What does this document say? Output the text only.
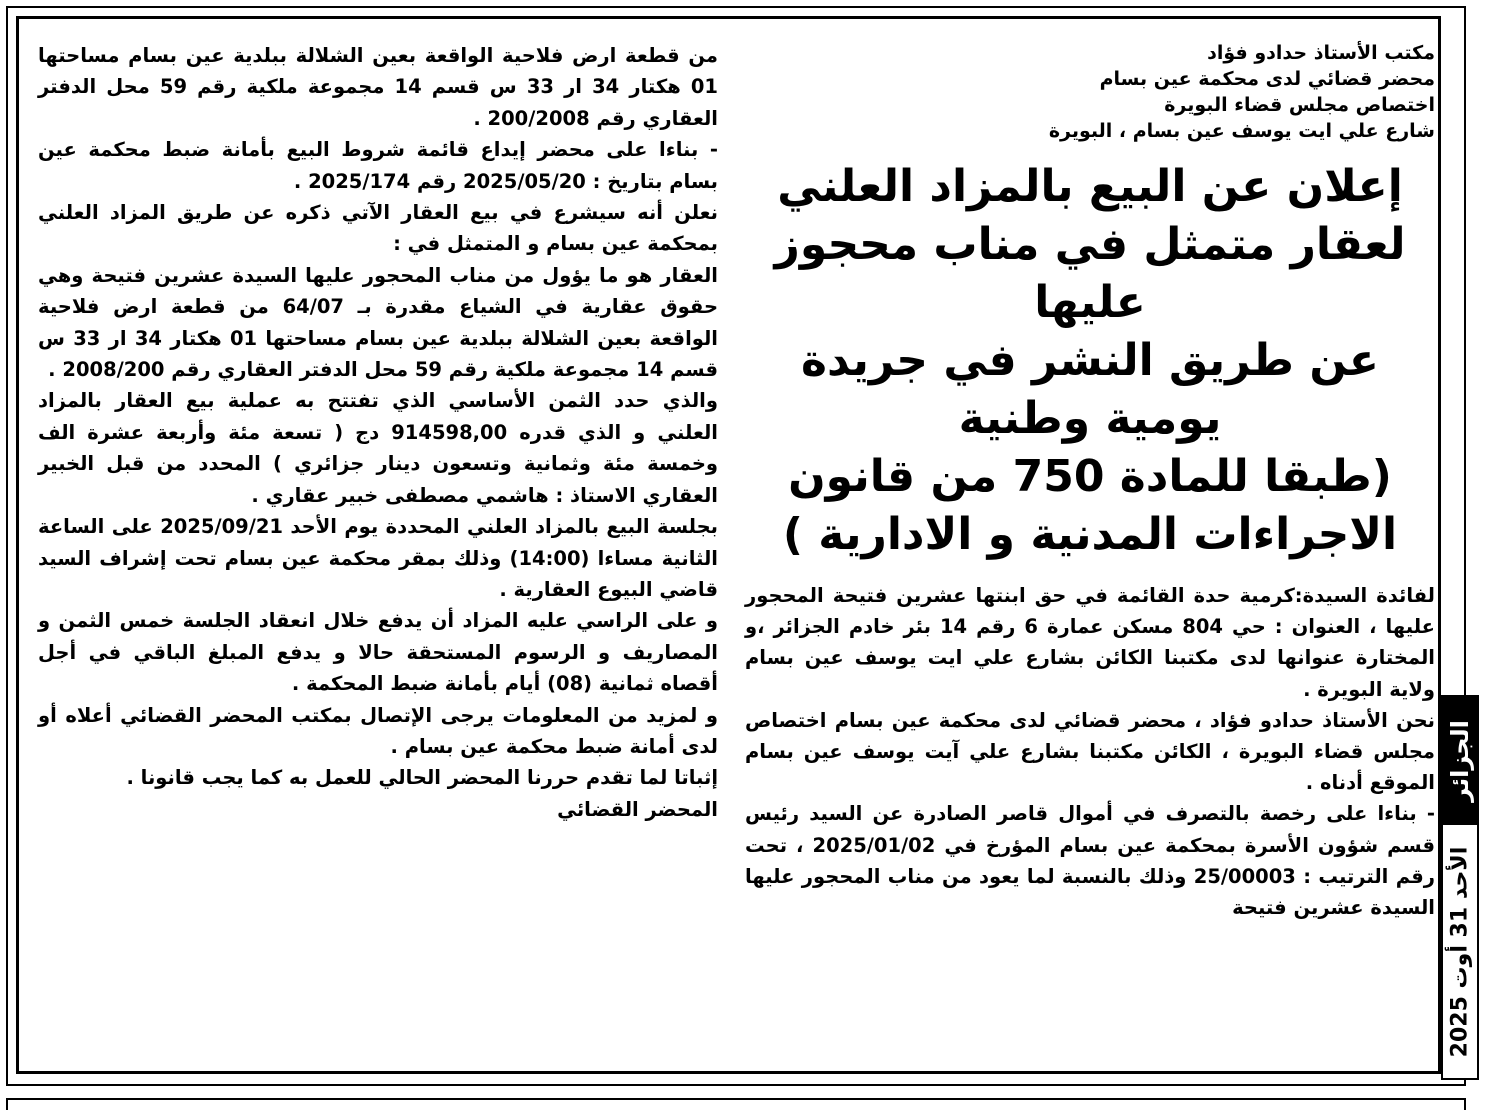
مكتب الأستاذ حدادو فؤاد

محضر قضائي لدى محكمة عين بسام

اختصاص مجلس قضاء البويرة

شارع علي ايت يوسف عين بسام ، البويرة

إعلان عن البيع بالمزاد العلني
لعقار متمثل في مناب محجوز
عليها
عن طريق النشر في جريدة
يومية وطنية
(طبقا للمادة 750 من قانون
الاجراءات المدنية و الادارية )

لفائدة السيدة:كرمية حدة القائمة في حق ابنتها عشرين فتيحة المحجور عليها ، العنوان : حي 804 مسكن عمارة 6 رقم 14 بئر خادم الجزائر ،و المختارة عنوانها لدى مكتبنا الكائن بشارع علي ايت يوسف عين بسام ولاية البويرة .

نحن الأستاذ حدادو فؤاد ، محضر قضائي لدى محكمة عين بسام اختصاص مجلس قضاء البويرة ، الكائن مكتبنا بشارع علي آيت يوسف عين بسام الموقع أدناه .

- بناءا على رخصة بالتصرف في أموال قاصر الصادرة عن السيد رئيس قسم شؤون الأسرة بمحكمة عين بسام المؤرخ في 2025/01/02 ، تحت رقم الترتيب : 25/00003 وذلك بالنسبة لما يعود من مناب المحجور عليها السيدة عشرين فتيحة

من قطعة ارض فلاحية الواقعة بعين الشلالة ببلدية عين بسام مساحتها 01 هكتار 34 ار 33 س قسم 14 مجموعة ملكية رقم 59 محل الدفتر العقاري رقم 200/2008 .

- بناءا على محضر إيداع قائمة شروط البيع بأمانة ضبط محكمة عين بسام بتاريخ : 2025/05/20 رقم 2025/174 .

نعلن أنه سيشرع في بيع العقار الآتي ذكره عن طريق المزاد العلني بمحكمة عين بسام و المتمثل في :

العقار هو ما يؤول من مناب المحجور عليها السيدة عشرين فتيحة وهي حقوق عقارية في الشياع مقدرة بـ 64/07 من قطعة ارض فلاحية الواقعة بعين الشلالة ببلدية عين بسام مساحتها 01 هكتار 34 ار 33 س قسم 14 مجموعة ملكية رقم 59 محل الدفتر العقاري رقم 2008/200 .

والذي حدد الثمن الأساسي الذي تفتتح به عملية بيع العقار بالمزاد العلني و الذي قدره 914598,00 دج ( تسعة مئة وأربعة عشرة الف وخمسة مئة وثمانية وتسعون دينار جزائري ) المحدد من قبل الخبير العقاري الاستاذ : هاشمي مصطفى خبير عقاري .

بجلسة البيع بالمزاد العلني المحددة يوم الأحد 2025/09/21 على الساعة الثانية مساءا (14:00) وذلك بمقر محكمة عين بسام تحت إشراف السيد قاضي البيوع العقارية .

و على الراسي عليه المزاد أن يدفع خلال انعقاد الجلسة خمس الثمن و المصاريف و الرسوم المستحقة حالا و يدفع المبلغ الباقي في أجل أقصاه ثمانية (08) أيام بأمانة ضبط المحكمة .

و لمزيد من المعلومات يرجى الإتصال بمكتب المحضر القضائي أعلاه أو لدى أمانة ضبط محكمة عين بسام .

إثباتا لما تقدم حررنا المحضر الحالي للعمل به كما يجب قانونا .

المحضر القضائي

الجزائر
الأحد 31 أوت 2025
